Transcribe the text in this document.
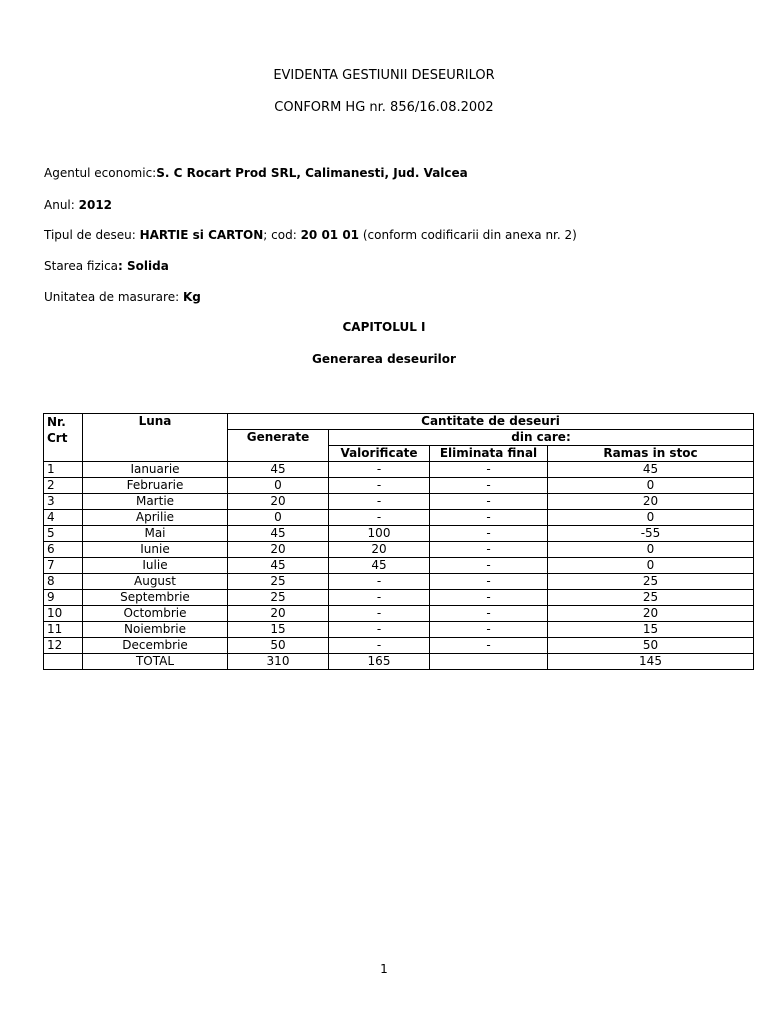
EVIDENTA GESTIUNII DESEURILOR
CONFORM HG nr. 856/16.08.2002
Agentul economic:S. C Rocart Prod SRL, Calimanesti, Jud. Valcea
Anul: 2012
Tipul de deseu: HARTIE si CARTON; cod: 20 01 01 (conform codificarii din anexa nr. 2)
Starea fizica: Solida
Unitatea de masurare: Kg
CAPITOLUL I
Generarea deseurilor
Nr. Crt	Luna	Cantitate de deseuri			
		Generate	din care:		
			Valorificate	Eliminata final	Ramas in stoc
1	Ianuarie	45	-	-	45
2	Februarie	0	-	-	0
3	Martie	20	-	-	20
4	Aprilie	0	-	-	0
5	Mai	45	100	-	-55
6	Iunie	20	20	-	0
7	Iulie	45	45	-	0
8	August	25	-	-	25
9	Septembrie	25	-	-	25
10	Octombrie	20	-	-	20
11	Noiembrie	15	-	-	15
12	Decembrie	50	-	-	50
	TOTAL	310	165		145
1
